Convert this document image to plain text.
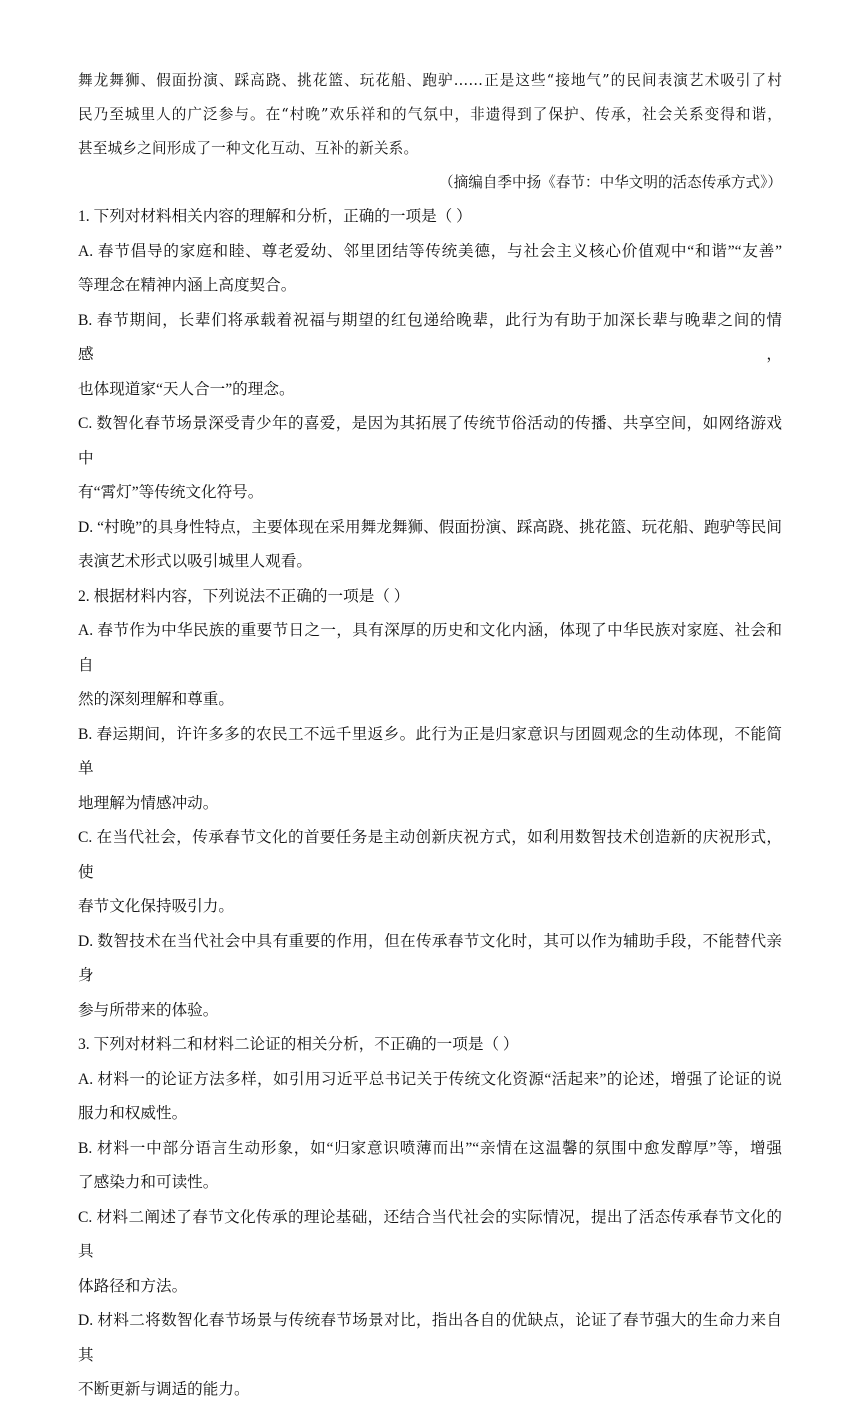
舞龙舞狮、假面扮演、踩高跷、挑花篮、玩花船、跑驴……正是这些“接地气”的民间表演艺术吸引了村

民乃至城里人的广泛参与。在“村晚”欢乐祥和的气氛中，非遗得到了保护、传承，社会关系变得和谐，

甚至城乡之间形成了一种文化互动、互补的新关系。

（摘编自季中扬《春节：中华文明的活态传承方式》）

1. 下列对材料相关内容的理解和分析，正确的一项是（ ）

A. 春节倡导的家庭和睦、尊老爱幼、邻里团结等传统美德，与社会主义核心价值观中“和谐”“友善”

等理念在精神内涵上高度契合。

B. 春节期间，长辈们将承载着祝福与期望的红包递给晚辈，此行为有助于加深长辈与晚辈之间的情感，

也体现道家“天人合一”的理念。

C. 数智化春节场景深受青少年的喜爱，是因为其拓展了传统节俗活动的传播、共享空间，如网络游戏中

有“霄灯”等传统文化符号。

D. “村晚”的具身性特点，主要体现在采用舞龙舞狮、假面扮演、踩高跷、挑花篮、玩花船、跑驴等民间

表演艺术形式以吸引城里人观看。

2. 根据材料内容，下列说法不正确的一项是（ ）

A. 春节作为中华民族的重要节日之一，具有深厚的历史和文化内涵，体现了中华民族对家庭、社会和自

然的深刻理解和尊重。

B. 春运期间，许许多多的农民工不远千里返乡。此行为正是归家意识与团圆观念的生动体现，不能简单

地理解为情感冲动。

C. 在当代社会，传承春节文化的首要任务是主动创新庆祝方式，如利用数智技术创造新的庆祝形式，使

春节文化保持吸引力。

D. 数智技术在当代社会中具有重要的作用，但在传承春节文化时，其可以作为辅助手段，不能替代亲身

参与所带来的体验。

3. 下列对材料二和材料二论证的相关分析，不正确的一项是（ ）

A. 材料一的论证方法多样，如引用习近平总书记关于传统文化资源“活起来”的论述，增强了论证的说

服力和权威性。

B. 材料一中部分语言生动形象，如“归家意识喷薄而出”“亲情在这温馨的氛围中愈发醇厚”等，增强

了感染力和可读性。

C. 材料二阐述了春节文化传承的理论基础，还结合当代社会的实际情况，提出了活态传承春节文化的具

体路径和方法。

D. 材料二将数智化春节场景与传统春节场景对比，指出各自的优缺点，论证了春节强大的生命力来自其

不断更新与调适的能力。
